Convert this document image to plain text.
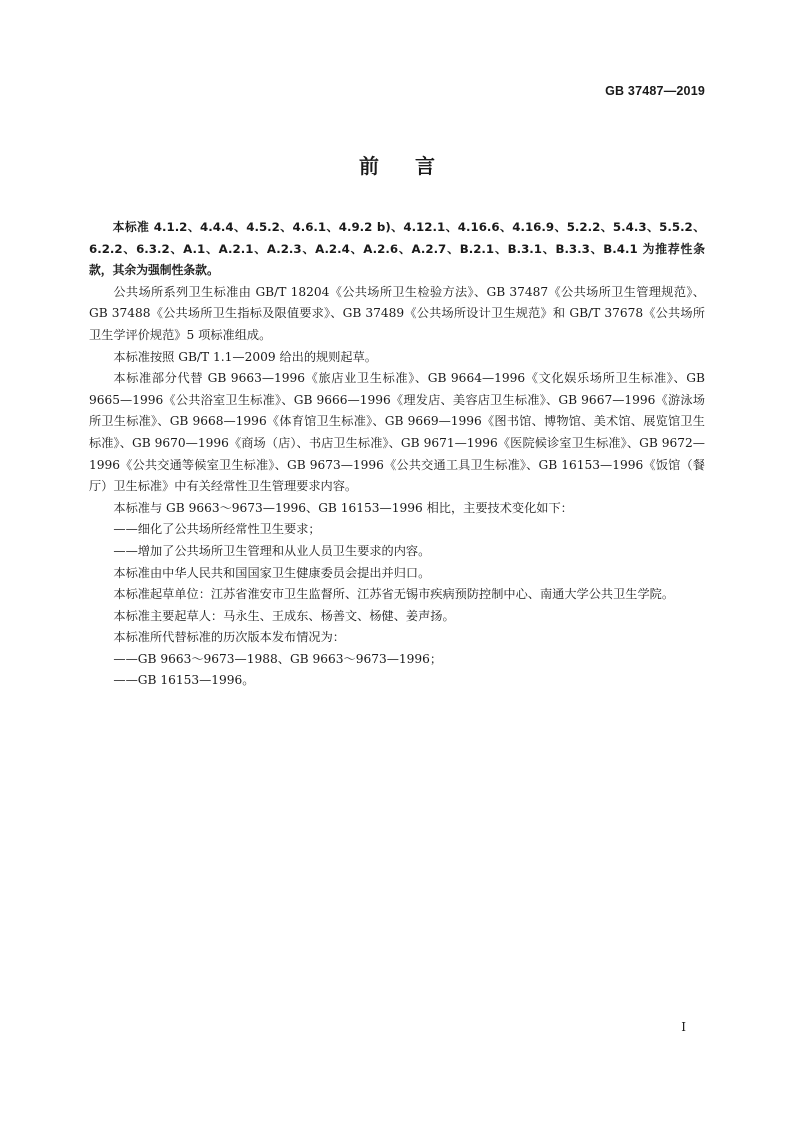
GB 37487—2019
前言

本标准 4.1.2、4.4.4、4.5.2、4.6.1、4.9.2 b)、4.12.1、4.16.6、4.16.9、5.2.2、5.4.3、5.5.2、6.2.2、6.3.2、A.1、A.2.1、A.2.3、A.2.4、A.2.6、A.2.7、B.2.1、B.3.1、B.3.3、B.4.1 为推荐性条款，其余为强制性条款。

公共场所系列卫生标准由 GB/T 18204《公共场所卫生检验方法》、GB 37487《公共场所卫生管理规范》、GB 37488《公共场所卫生指标及限值要求》、GB 37489《公共场所设计卫生规范》和 GB/T 37678《公共场所卫生学评价规范》5 项标准组成。

本标准按照 GB/T 1.1—2009 给出的规则起草。

本标准部分代替 GB 9663—1996《旅店业卫生标准》、GB 9664—1996《文化娱乐场所卫生标准》、GB 9665—1996《公共浴室卫生标准》、GB 9666—1996《理发店、美容店卫生标准》、GB 9667—1996《游泳场所卫生标准》、GB 9668—1996《体育馆卫生标准》、GB 9669—1996《图书馆、博物馆、美术馆、展览馆卫生标准》、GB 9670—1996《商场（店）、书店卫生标准》、GB 9671—1996《医院候诊室卫生标准》、GB 9672—1996《公共交通等候室卫生标准》、GB 9673—1996《公共交通工具卫生标准》、GB 16153—1996《饭馆（餐厅）卫生标准》中有关经常性卫生管理要求内容。

本标准与 GB 9663～9673—1996、GB 16153—1996 相比，主要技术变化如下：

——细化了公共场所经常性卫生要求；

——增加了公共场所卫生管理和从业人员卫生要求的内容。

本标准由中华人民共和国国家卫生健康委员会提出并归口。

本标准起草单位：江苏省淮安市卫生监督所、江苏省无锡市疾病预防控制中心、南通大学公共卫生学院。

本标准主要起草人：马永生、王成东、杨善文、杨健、姜声扬。

本标准所代替标准的历次版本发布情况为：

——GB 9663～9673—1988、GB 9663～9673—1996；

——GB 16153—1996。

I
